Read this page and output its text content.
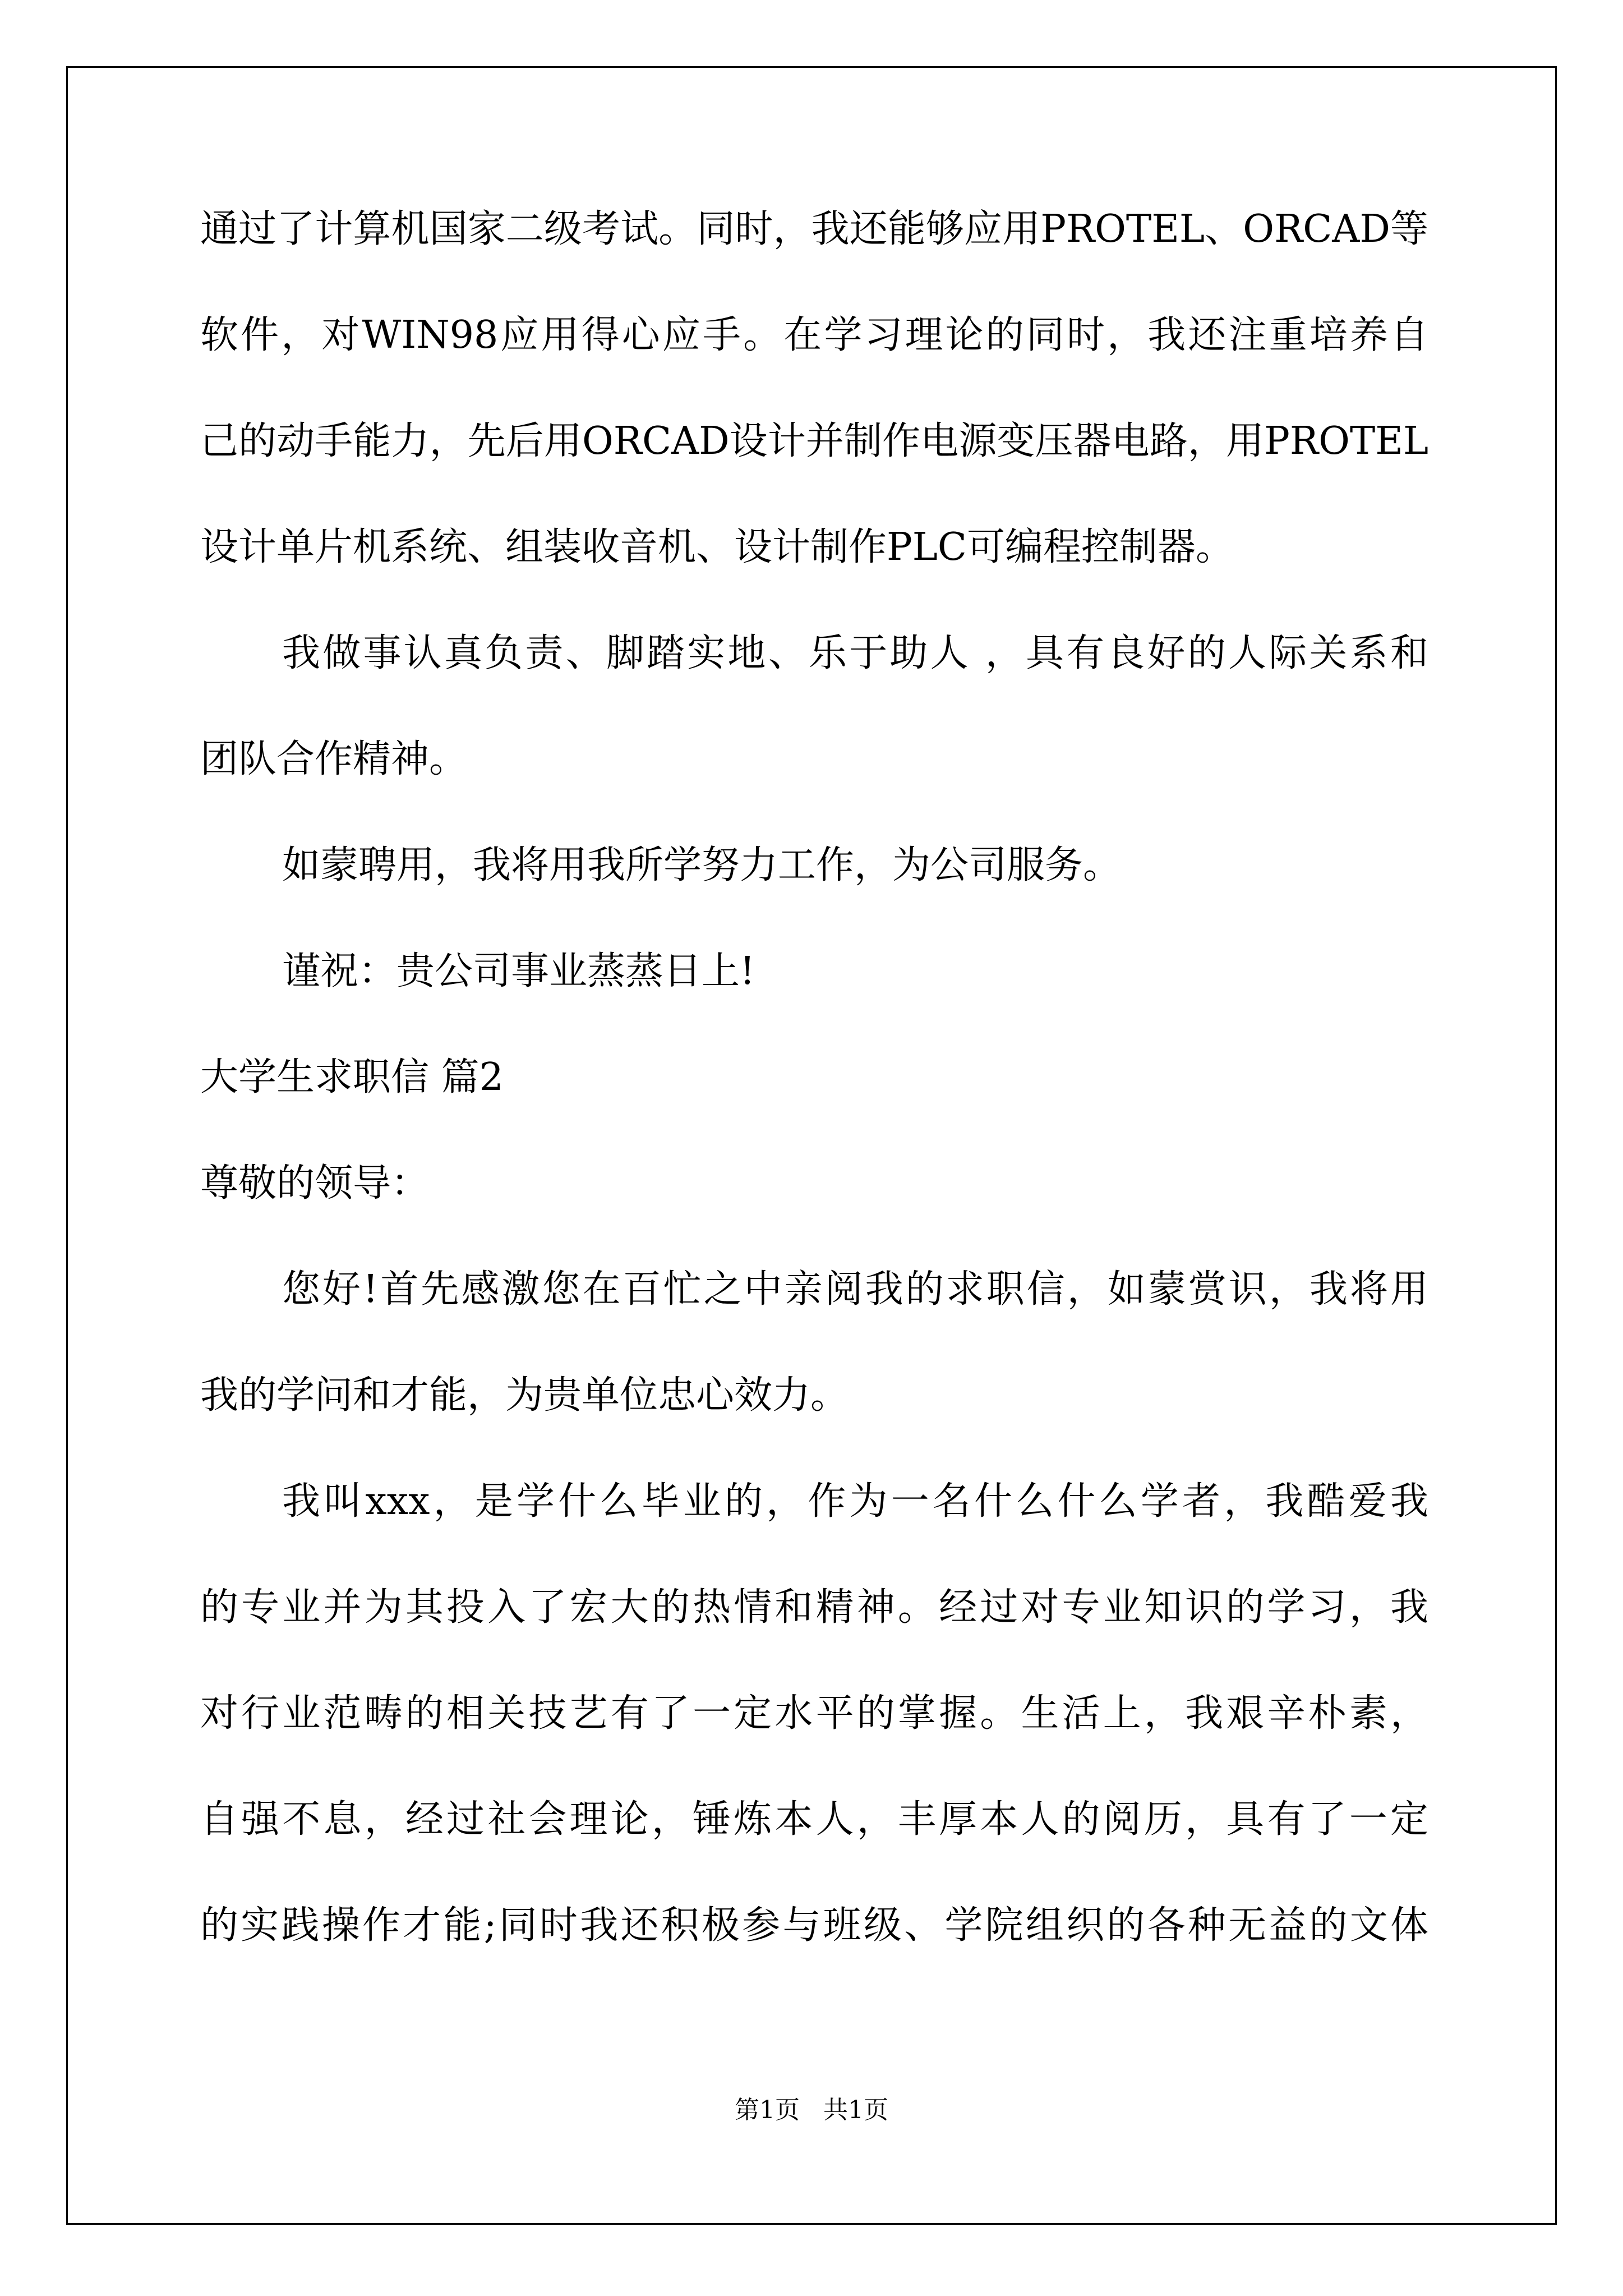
通过了计算机国家二级考试。同时，我还能够应用PROTEL、ORCAD等
软件，对WIN98应用得心应手。在学习理论的同时，我还注重培养自
己的动手能力，先后用ORCAD设计并制作电源变压器电路，用PROTEL
设计单片机系统、组装收音机、设计制作PLC可编程控制器。
我做事认真负责、脚踏实地、乐于助人 ，具有良好的人际关系和
团队合作精神。
如蒙聘用，我将用我所学努力工作，为公司服务。
谨祝：贵公司事业蒸蒸日上!
大学生求职信 篇2
尊敬的领导：
您好!首先感激您在百忙之中亲阅我的求职信，如蒙赏识，我将用
我的学问和才能，为贵单位忠心效力。
我叫xxx，是学什么毕业的，作为一名什么什么学者，我酷爱我
的专业并为其投入了宏大的热情和精神。经过对专业知识的学习，我
对行业范畴的相关技艺有了一定水平的掌握。生活上，我艰辛朴素，
自强不息，经过社会理论，锤炼本人，丰厚本人的阅历，具有了一定
的实践操作才能;同时我还积极参与班级、学院组织的各种无益的文体
第1页   共1页
